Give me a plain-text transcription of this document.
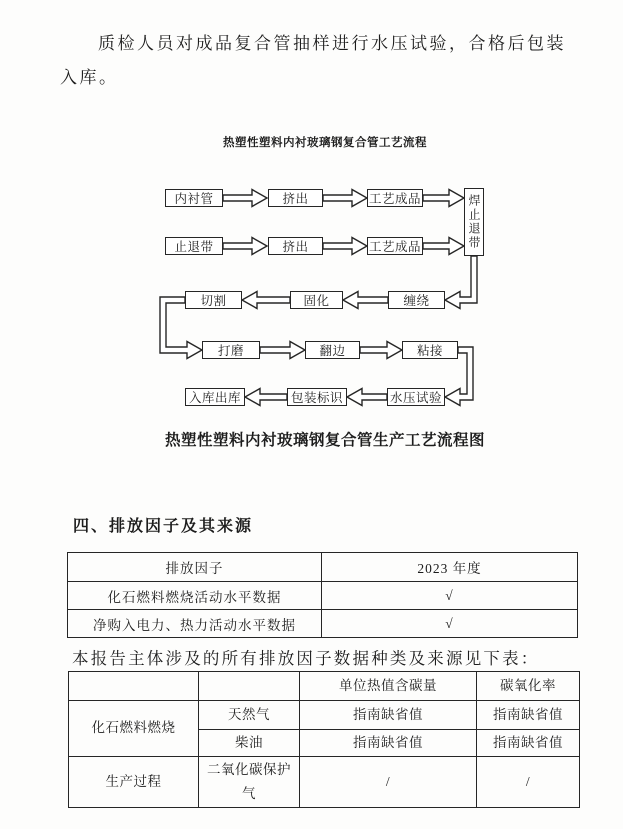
质检人员对成品复合管抽样进行水压试验，合格后包装
入库。
热塑性塑料内衬玻璃钢复合管工艺流程
内衬管	挤出	工艺成品	焊止退带
止退带	挤出	工艺成品
切割	固化	缠绕
打磨	翻边	粘接
入库出库	包装标识	水压试验
热塑性塑料内衬玻璃钢复合管生产工艺流程图
四、排放因子及其来源
排放因子	2023 年度
化石燃料燃烧活动水平数据	√
净购入电力、热力活动水平数据	√
本报告主体涉及的所有排放因子数据种类及来源见下表：
		单位热值含碳量	碳氧化率
化石燃料燃烧	天然气	指南缺省值	指南缺省值
	柴油	指南缺省值	指南缺省值
生产过程	二氧化碳保护气	/	/
